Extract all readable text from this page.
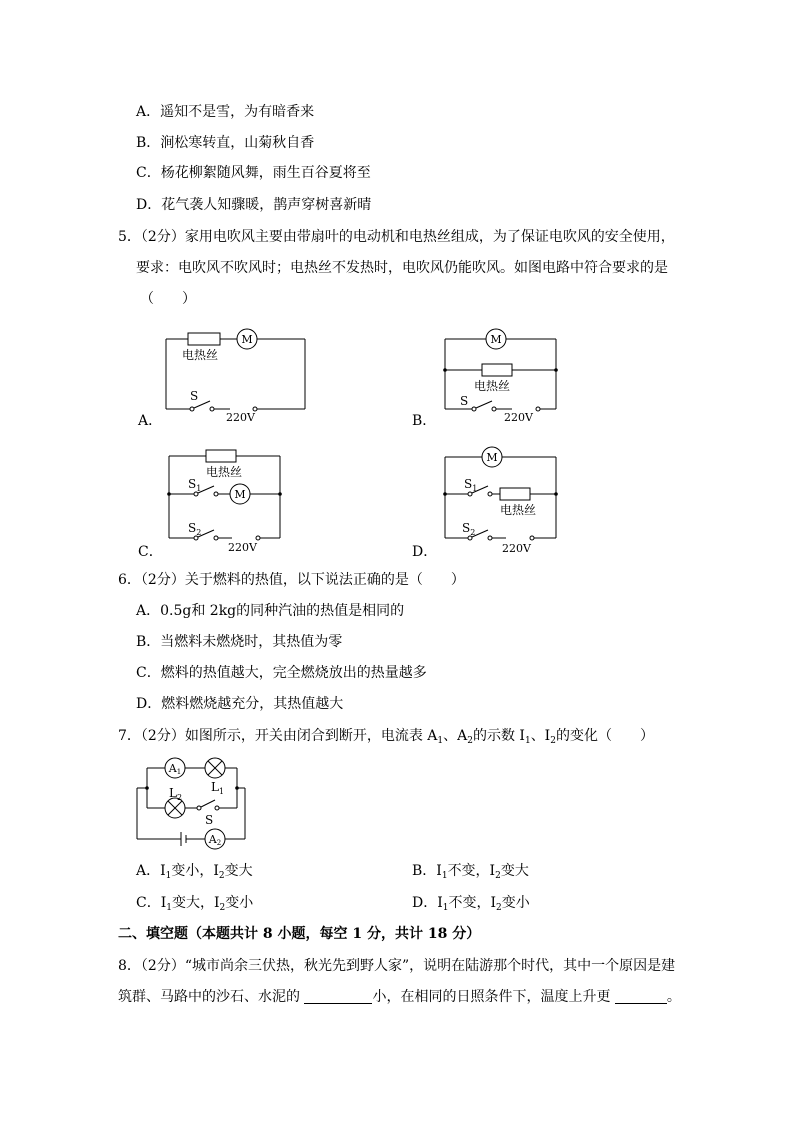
A．遥知不是雪，为有暗香来
B．涧松寒转直，山菊秋自香
C．杨花柳絮随风舞，雨生百谷夏将至
D．花气袭人知骤暖，鹊声穿树喜新晴
5．（2分）家用电吹风主要由带扇叶的电动机和电热丝组成，为了保证电吹风的安全使用，
要求：电吹风不吹风时；电热丝不发热时，电吹风仍能吹风。如图电路中符合要求的是
（　　）
M
电热丝
S
220V
A．
M
电热丝
S
220V
B．
电热丝
$S_1$	M
$S_2$
220V
C．
M
$S_1$
电热丝
$S_2$
220V
D．
6．（2分）关于燃料的热值，以下说法正确的是（　　）
A．0.5g和 2kg的同种汽油的热值是相同的
B．当燃料未燃烧时，其热值为零
C．燃料的热值越大，完全燃烧放出的热量越多
D．燃料燃烧越充分，其热值越大
7．（2分）如图所示，开关由闭合到断开，电流表 $A_1$、$A_2$的示数 $I_1$、$I_2$的变化（　　）
A1
$L_1$
$L_2$
S
A2
A．$I_1$变小，$I_2$变大	B．$I_1$不变，$I_2$变大
C．$I_1$变大，$I_2$变小	D．$I_1$不变，$I_2$变小
二、填空题（本题共计 8 小题，每空 1 分，共计 18 分）
8．（2分）“城市尚余三伏热，秋光先到野人家”，说明在陆游那个时代，其中一个原因是建
筑群、马路中的沙石、水泥的	小，在相同的日照条件下，温度上升更	。
